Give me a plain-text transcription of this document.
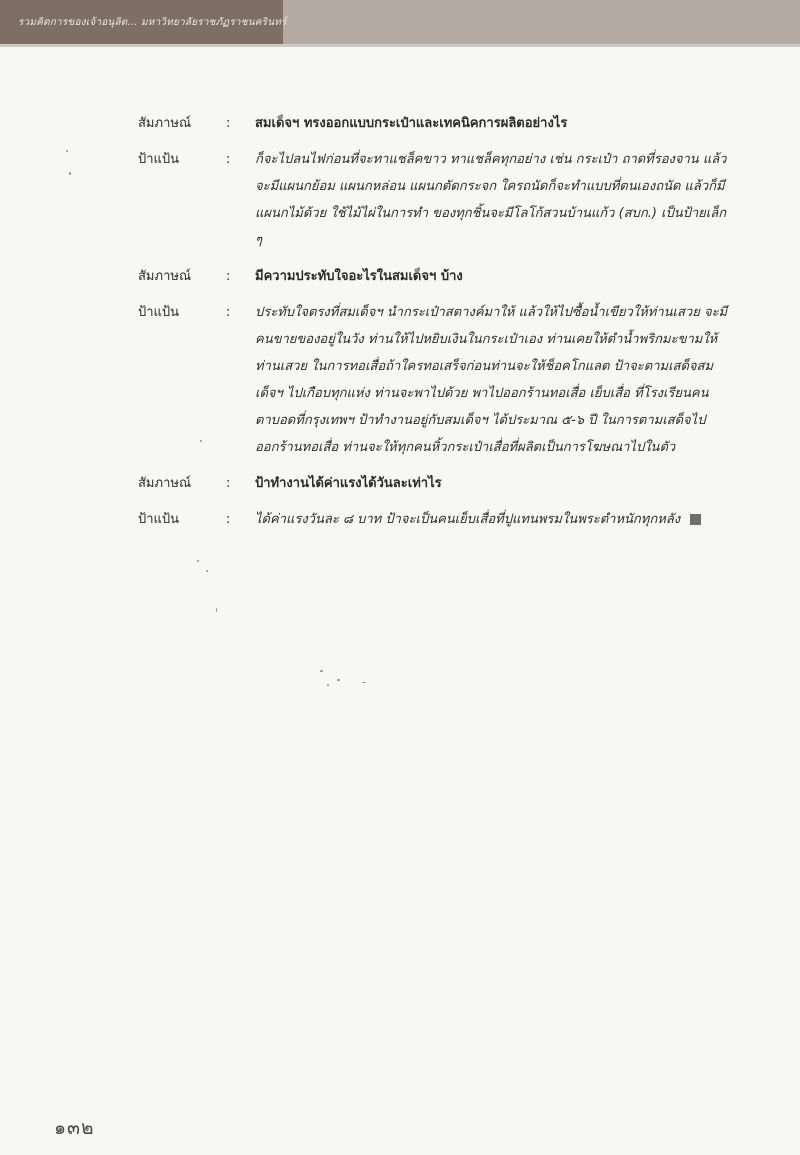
รวมคิดการของเจ้าอนุลิต... มหาวิทยาลัยราชภัฏราชนครินทร์
สัมภาษณ์	:	สมเด็จฯ ทรงออกแบบกระเป๋าและเทคนิคการผลิตอย่างไร
ป้าแป้น	:	ก็จะไปลนไฟก่อนที่จะทาแชล็คขาว ทาแชล็คทุกอย่าง เช่น กระเป๋า ถาดที่รองจาน แล้วจะมีแผนกย้อม แผนกหล่อน แผนกตัดกระจก ใครถนัดก็จะทำแบบที่ตนเองถนัด แล้วก็มีแผนกไม้ด้วย ใช้ไม้ไผ่ในการทำ ของทุกชิ้นจะมีโลโก้สวนบ้านแก้ว (สบก.) เป็นป้ายเล็ก ๆ
สัมภาษณ์	:	มีความประทับใจอะไรในสมเด็จฯ บ้าง
ป้าแป้น	:	ประทับใจตรงที่สมเด็จฯ นำกระเป๋าสตางค์มาให้ แล้วให้ไปซื้อน้ำเขียวให้ท่านเสวย จะมีคนขายของอยู่ในวัง ท่านให้ไปหยิบเงินในกระเป๋าเอง ท่านเคยให้ตำน้ำพริกมะขามให้ท่านเสวย ในการทอเสื่อถ้าใครทอเสร็จก่อนท่านจะให้ช็อคโกแลต ป้าจะตามเสด็จสมเด็จฯ ไปเกือบทุกแห่ง ท่านจะพาไปด้วย พาไปออกร้านทอเสื่อ เย็บเสื่อ ที่โรงเรียนคนตาบอดที่กรุงเทพฯ ป้าทำงานอยู่กับสมเด็จฯ ได้ประมาณ ๕-๖ ปี ในการตามเสด็จไปออกร้านทอเสื่อ ท่านจะให้ทุกคนหิ้วกระเป๋าเสื่อที่ผลิตเป็นการโฆษณาไปในตัว
สัมภาษณ์	:	ป้าทำงานได้ค่าแรงได้วันละเท่าไร
ป้าแป้น	:	ได้ค่าแรงวันละ ๘ บาท ป้าจะเป็นคนเย็บเสื่อที่ปูแทนพรมในพระตำหนักทุกหลัง
๑๓๒
